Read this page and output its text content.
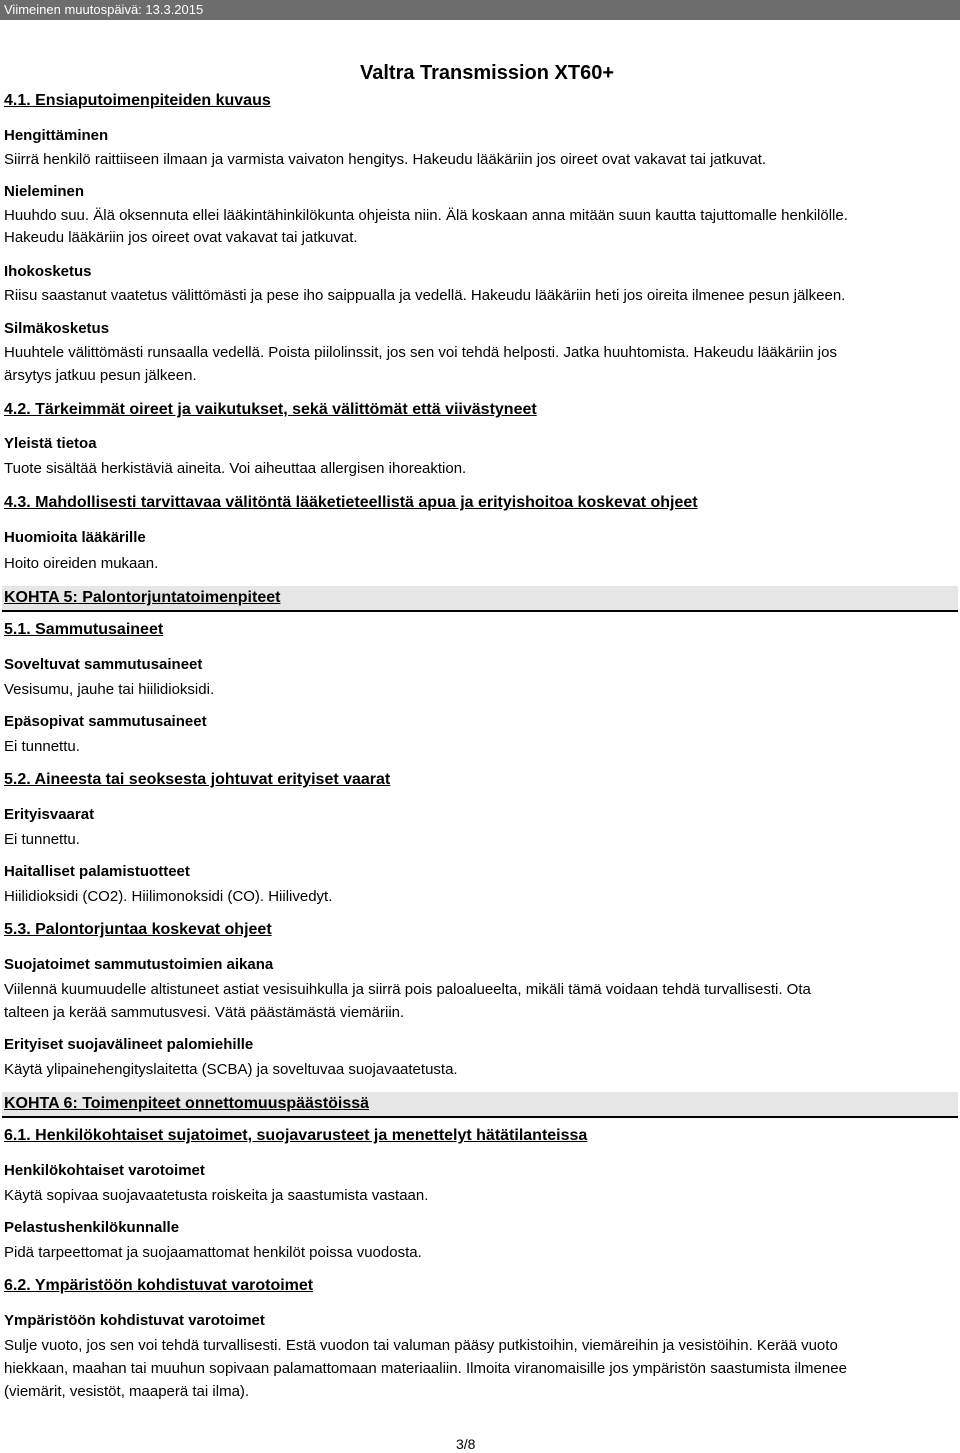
Viimeinen muutospäivä: 13.3.2015
Valtra Transmission XT60+
4.1. Ensiaputoimenpiteiden kuvaus
Hengittäminen
Siirrä henkilö raittiiseen ilmaan ja varmista vaivaton hengitys. Hakeudu lääkäriin jos oireet ovat vakavat tai jatkuvat.
Nieleminen
Huuhdo suu. Älä oksennuta ellei lääkintähinkilökunta ohjeista niin. Älä koskaan anna mitään suun kautta tajuttomalle henkilölle.
Hakeudu lääkäriin jos oireet ovat vakavat tai jatkuvat.
Ihokosketus
Riisu saastanut vaatetus välittömästi ja pese iho saippualla ja vedellä. Hakeudu lääkäriin heti jos oireita ilmenee pesun jälkeen.
Silmäkosketus
Huuhtele välittömästi runsaalla vedellä. Poista piilolinssit, jos sen voi tehdä helposti. Jatka huuhtomista. Hakeudu lääkäriin jos
ärsytys jatkuu pesun jälkeen.
4.2. Tärkeimmät oireet ja vaikutukset, sekä välittömät että viivästyneet
Yleistä tietoa
Tuote sisältää herkistäviä aineita. Voi aiheuttaa allergisen ihoreaktion.
4.3. Mahdollisesti tarvittavaa välitöntä lääketieteellistä apua ja erityishoitoa koskevat ohjeet
Huomioita lääkärille
Hoito oireiden mukaan.
KOHTA 5: Palontorjuntatoimenpiteet
5.1. Sammutusaineet
Soveltuvat sammutusaineet
Vesisumu, jauhe tai hiilidioksidi.
Epäsopivat sammutusaineet
Ei tunnettu.
5.2. Aineesta tai seoksesta johtuvat erityiset vaarat
Erityisvaarat
Ei tunnettu.
Haitalliset palamistuotteet
Hiilidioksidi (CO2). Hiilimonoksidi (CO). Hiilivedyt.
5.3. Palontorjuntaa koskevat ohjeet
Suojatoimet sammutustoimien aikana
Viilennä kuumuudelle altistuneet astiat vesisuihkulla ja siirrä pois paloalueelta, mikäli tämä voidaan tehdä turvallisesti. Ota
talteen ja kerää sammutusvesi. Vätä päästämästä viemäriin.
Erityiset suojavälineet palomiehille
Käytä ylipainehengityslaitetta (SCBA) ja soveltuvaa suojavaatetusta.
KOHTA 6: Toimenpiteet onnettomuuspäästöissä
6.1. Henkilökohtaiset sujatoimet, suojavarusteet ja menettelyt hätätilanteissa
Henkilökohtaiset varotoimet
Käytä sopivaa suojavaatetusta roiskeita ja saastumista vastaan.
Pelastushenkilökunnalle
Pidä tarpeettomat ja suojaamattomat henkilöt poissa vuodosta.
6.2. Ympäristöön kohdistuvat varotoimet
Ympäristöön kohdistuvat varotoimet
Sulje vuoto, jos sen voi tehdä turvallisesti. Estä vuodon tai valuman pääsy putkistoihin, viemäreihin ja vesistöihin. Kerää vuoto
hiekkaan, maahan tai muuhun sopivaan palamattomaan materiaaliin. Ilmoita viranomaisille jos ympäristön saastumista ilmenee
(viemärit, vesistöt, maaperä tai ilma).
3/8
